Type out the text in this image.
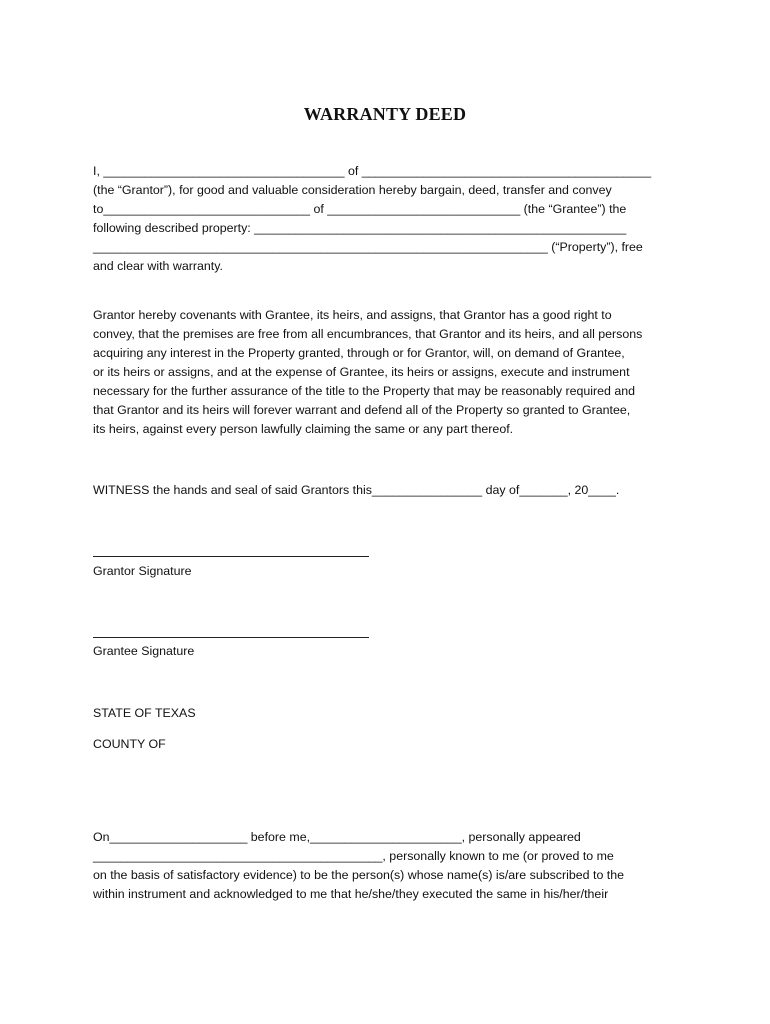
WARRANTY DEED
I, ___________________________________ of __________________________________________
(the “Grantor”), for good and valuable consideration hereby bargain, deed, transfer and convey
to______________________________ of ____________________________ (the “Grantee”) the
following described property: ______________________________________________________
__________________________________________________________________ (“Property”), free
and clear with warranty.
Grantor hereby covenants with Grantee, its heirs, and assigns, that Grantor has a good right to
convey, that the premises are free from all encumbrances, that Grantor and its heirs, and all persons
acquiring any interest in the Property granted, through or for Grantor, will, on demand of Grantee,
or its heirs or assigns, and at the expense of Grantee, its heirs or assigns, execute and instrument
necessary for the further assurance of the title to the Property that may be reasonably required and
that Grantor and its heirs will forever warrant and defend all of the Property so granted to Grantee,
its heirs, against every person lawfully claiming the same or any part thereof.
WITNESS the hands and seal of said Grantors this________________ day of_______, 20____.
Grantor Signature
Grantee Signature
STATE OF TEXAS
COUNTY OF
On____________________ before me,______________________, personally appeared
__________________________________________, personally known to me (or proved to me
on the basis of satisfactory evidence) to be the person(s) whose name(s) is/are subscribed to the
within instrument and acknowledged to me that he/she/they executed the same in his/her/their
